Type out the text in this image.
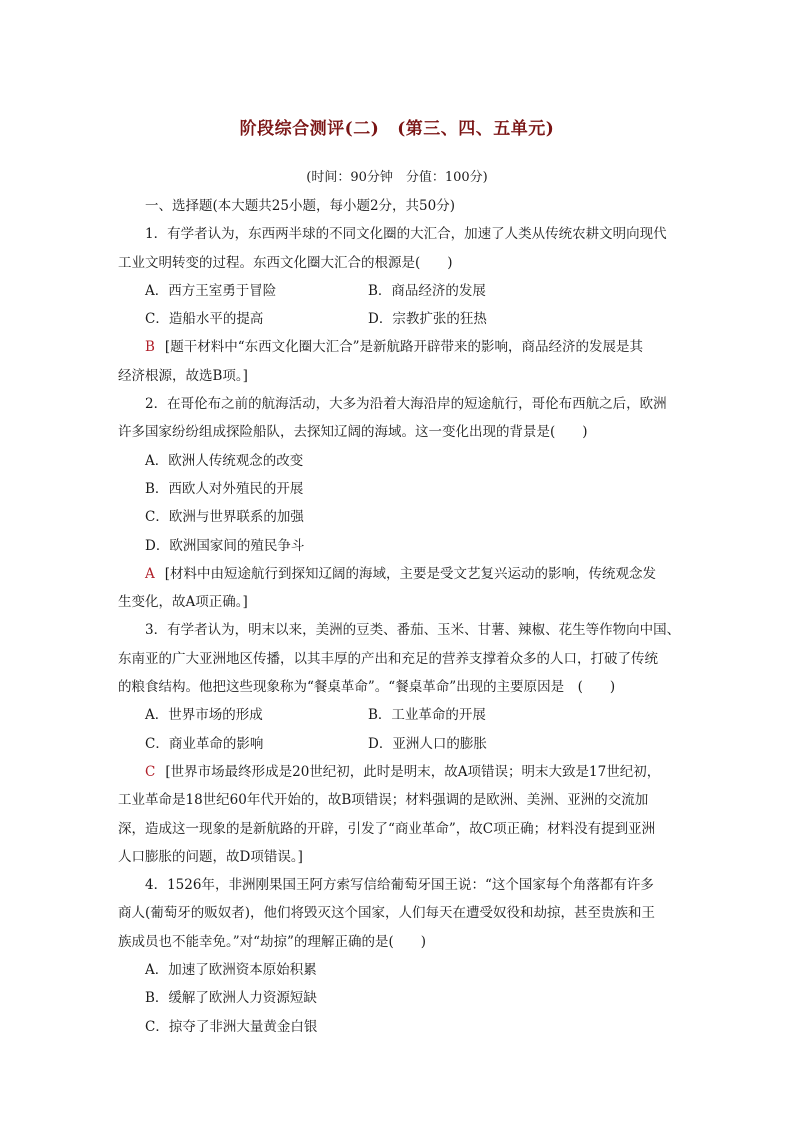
阶段综合测评(二) (第三、四、五单元)
(时间：90分钟　分值：100分)
一、选择题(本大题共25小题，每小题2分，共50分)
1．有学者认为，东西两半球的不同文化圈的大汇合，加速了人类从传统农耕文明向现代
工业文明转变的过程。东西文化圈大汇合的根源是(　　)
A．西方王室勇于冒险	B．商品经济的发展
C．造船水平的提高	D．宗教扩张的狂热
B [题干材料中“东西文化圈大汇合”是新航路开辟带来的影响，商品经济的发展是其
经济根源，故选B项。]
2．在哥伦布之前的航海活动，大多为沿着大海沿岸的短途航行，哥伦布西航之后，欧洲
许多国家纷纷组成探险船队，去探知辽阔的海域。这一变化出现的背景是(　　)
A．欧洲人传统观念的改变
B．西欧人对外殖民的开展
C．欧洲与世界联系的加强
D．欧洲国家间的殖民争斗
A [材料中由短途航行到探知辽阔的海域，主要是受文艺复兴运动的影响，传统观念发
生变化，故A项正确。]
3．有学者认为，明末以来，美洲的豆类、番茄、玉米、甘薯、辣椒、花生等作物向中国、
东南亚的广大亚洲地区传播，以其丰厚的产出和充足的营养支撑着众多的人口，打破了传统
的粮食结构。他把这些现象称为“餐桌革命”。“餐桌革命”出现的主要原因是　(　　)
A．世界市场的形成	B．工业革命的开展
C．商业革命的影响	D．亚洲人口的膨胀
C [世界市场最终形成是20世纪初，此时是明末，故A项错误；明末大致是17世纪初，
工业革命是18世纪60年代开始的，故B项错误；材料强调的是欧洲、美洲、亚洲的交流加
深，造成这一现象的是新航路的开辟，引发了“商业革命”，故C项正确；材料没有提到亚洲
人口膨胀的问题，故D项错误。]
4．1526年，非洲刚果国王阿方索写信给葡萄牙国王说：“这个国家每个角落都有许多
商人(葡萄牙的贩奴者)，他们将毁灭这个国家，人们每天在遭受奴役和劫掠，甚至贵族和王
族成员也不能幸免。”对“劫掠”的理解正确的是(　　)
A．加速了欧洲资本原始积累
B．缓解了欧洲人力资源短缺
C．掠夺了非洲大量黄金白银
